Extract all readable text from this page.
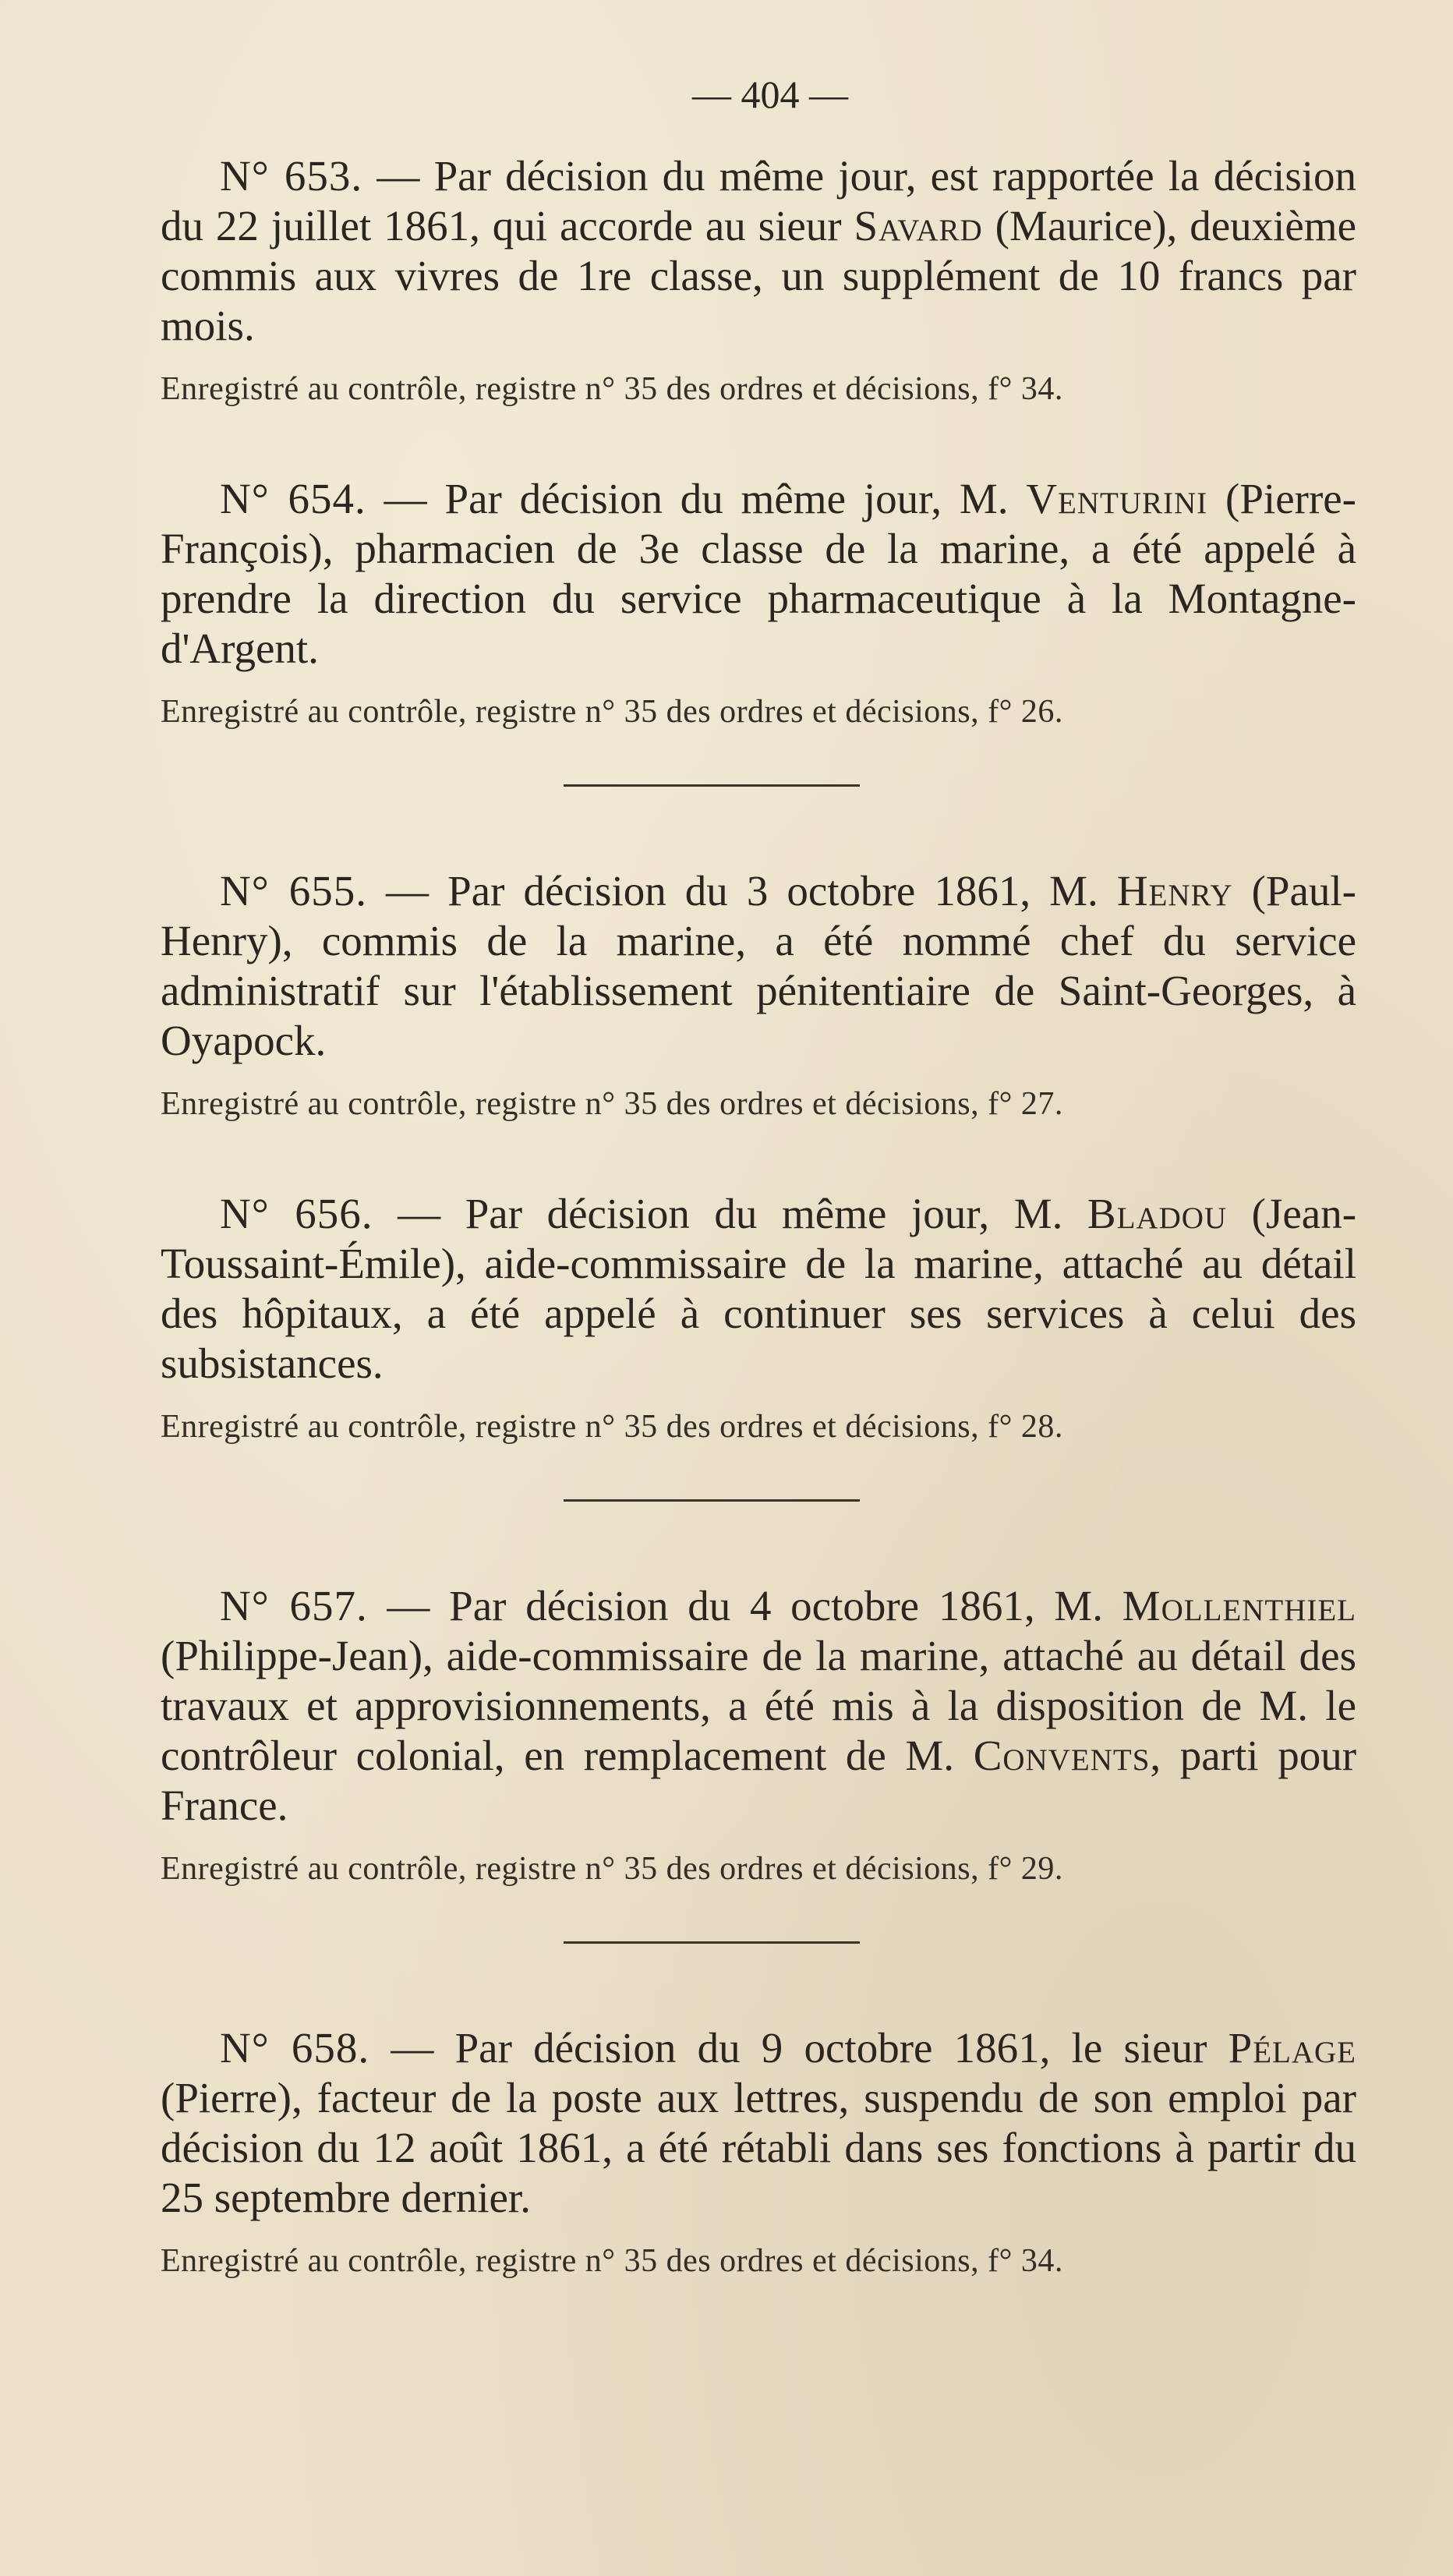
— 404 —

N° 653. — Par décision du même jour, est rapportée la décision du 22 juillet 1861, qui accorde au sieur Savard (Maurice), deuxième commis aux vivres de 1re classe, un supplément de 10 francs par mois.

Enregistré au contrôle, registre n° 35 des ordres et décisions, f° 34.

N° 654. — Par décision du même jour, M. Venturini (Pierre-François), pharmacien de 3e classe de la marine, a été appelé à prendre la direction du service pharmaceutique à la Montagne-d'Argent.

Enregistré au contrôle, registre n° 35 des ordres et décisions, f° 26.

N° 655. — Par décision du 3 octobre 1861, M. Henry (Paul-Henry), commis de la marine, a été nommé chef du service administratif sur l'établissement pénitentiaire de Saint-Georges, à Oyapock.

Enregistré au contrôle, registre n° 35 des ordres et décisions, f° 27.

N° 656. — Par décision du même jour, M. Bladou (Jean-Toussaint-Émile), aide-commissaire de la marine, attaché au détail des hôpitaux, a été appelé à continuer ses services à celui des subsistances.

Enregistré au contrôle, registre n° 35 des ordres et décisions, f° 28.

N° 657. — Par décision du 4 octobre 1861, M. Mollenthiel (Philippe-Jean), aide-commissaire de la marine, attaché au détail des travaux et approvisionnements, a été mis à la disposition de M. le contrôleur colonial, en remplacement de M. Convents, parti pour France.

Enregistré au contrôle, registre n° 35 des ordres et décisions, f° 29.

N° 658. — Par décision du 9 octobre 1861, le sieur Pélage (Pierre), facteur de la poste aux lettres, suspendu de son emploi par décision du 12 août 1861, a été rétabli dans ses fonctions à partir du 25 septembre dernier.

Enregistré au contrôle, registre n° 35 des ordres et décisions, f° 34.
